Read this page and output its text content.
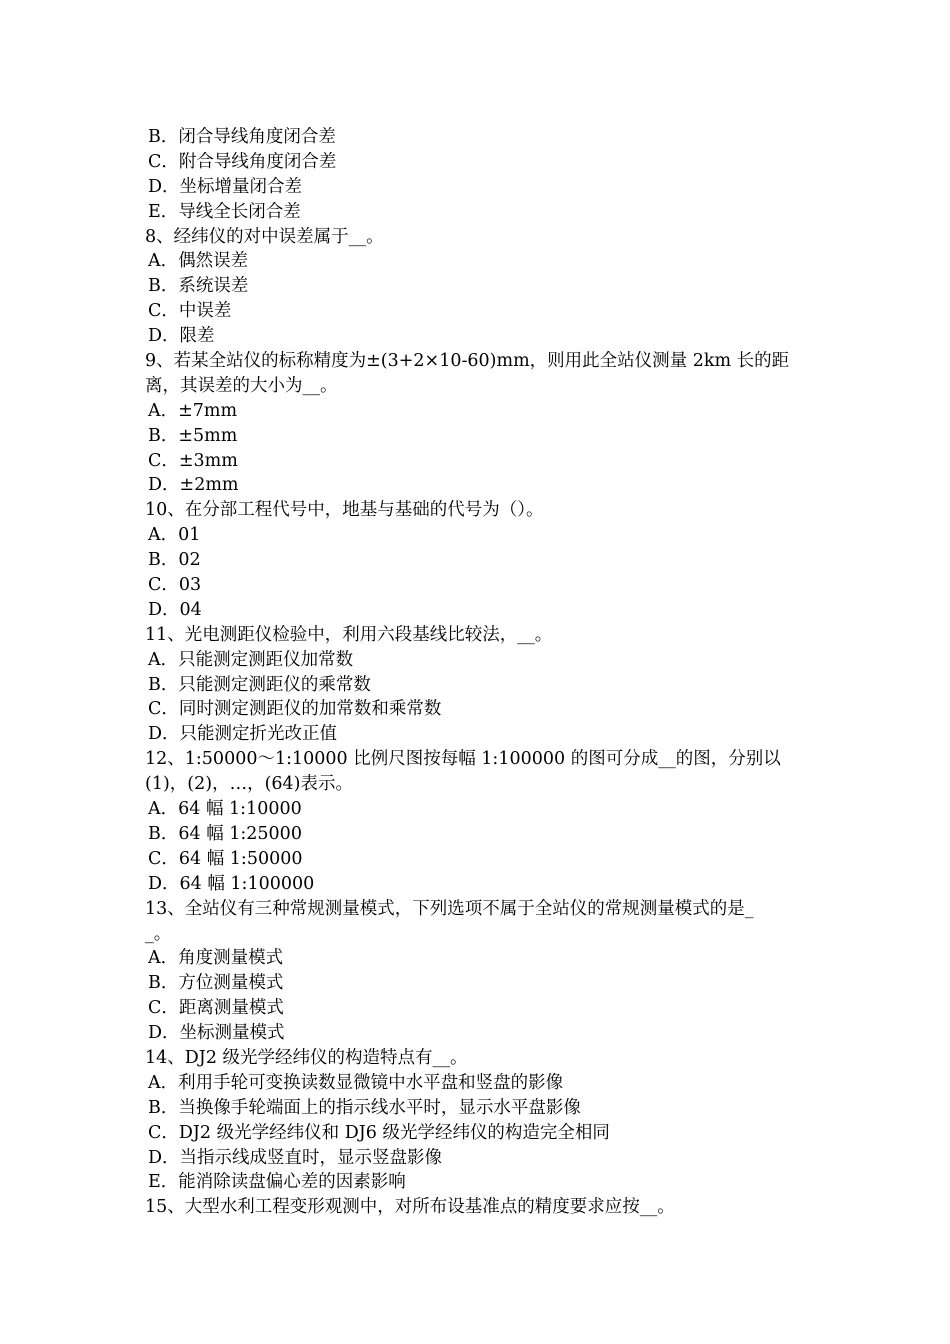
B．闭合导线角度闭合差
C．附合导线角度闭合差
D．坐标增量闭合差
E．导线全长闭合差
8、经纬仪的对中误差属于__。
A．偶然误差
B．系统误差
C．中误差
D．限差
9、若某全站仪的标称精度为±(3+2×10-60)mm，则用此全站仪测量 2km 长的距
离，其误差的大小为__。
A．±7mm
B．±5mm
C．±3mm
D．±2mm
10、在分部工程代号中，地基与基础的代号为（）。
A．01
B．02
C．03
D．04
11、光电测距仪检验中，利用六段基线比较法，__。
A．只能测定测距仪加常数
B．只能测定测距仪的乘常数
C．同时测定测距仪的加常数和乘常数
D．只能测定折光改正值
12、1:50000～1:10000 比例尺图按每幅 1:100000 的图可分成__的图，分别以
(1)，(2)，…，(64)表示。
A．64 幅 1:10000
B．64 幅 1:25000
C．64 幅 1:50000
D．64 幅 1:100000
13、全站仪有三种常规测量模式，下列选项不属于全站仪的常规测量模式的是_
_。
A．角度测量模式
B．方位测量模式
C．距离测量模式
D．坐标测量模式
14、DJ2 级光学经纬仪的构造特点有__。
A．利用手轮可变换读数显微镜中水平盘和竖盘的影像
B．当换像手轮端面上的指示线水平时，显示水平盘影像
C．DJ2 级光学经纬仪和 DJ6 级光学经纬仪的构造完全相同
D．当指示线成竖直时，显示竖盘影像
E．能消除读盘偏心差的因素影响
15、大型水利工程变形观测中，对所布设基准点的精度要求应按__。
